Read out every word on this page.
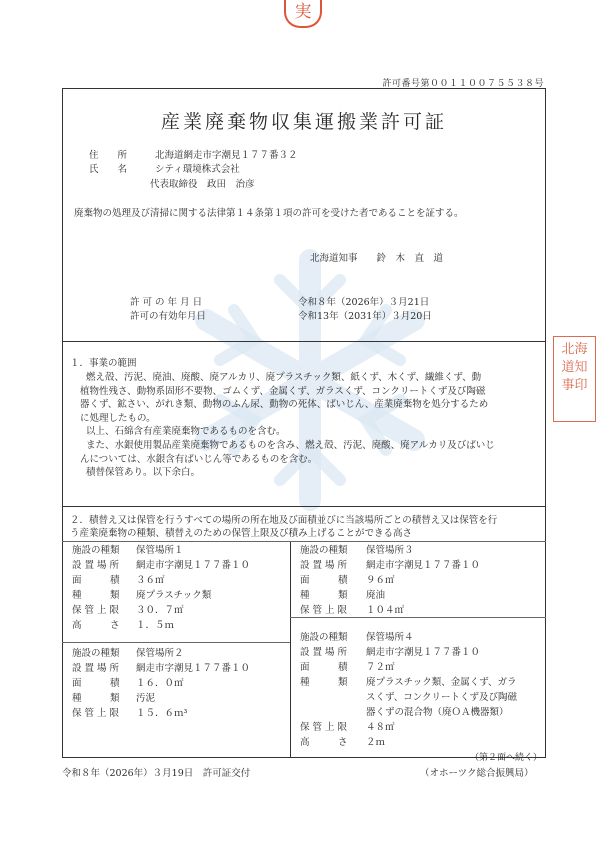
実
許可番号第００１１００７５５３８号
産業廃棄物収集運搬業許可証
住　　所	北海道網走市字潮見１７７番３２
氏　　名	シティ環境株式会社
代表取締役　政田　治彦
廃棄物の処理及び清掃に関する法律第１４条第１項の許可を受けた者であることを証する。
北海道知事　　鈴　木　直　道
許 可 の 年 月 日	令和８年（2026年）３月21日
許可の有効年月日	令和13年（2031年）３月20日
１．事業の範囲
燃え殻、汚泥、廃油、廃酸、廃アルカリ、廃プラスチック類、紙くず、木くず、繊維くず、動
植物性残さ、動物系固形不要物、ゴムくず、金属くず、ガラスくず、コンクリートくず及び陶磁
器くず、鉱さい、がれき類、動物のふん尿、動物の死体、ばいじん、産業廃棄物を処分するため
に処理したもの。
以上、石綿含有産業廃棄物であるものを含む。
また、水銀使用製品産業廃棄物であるものを含み、燃え殻、汚泥、廃酸、廃アルカリ及びばいじ
んについては、水銀含有ばいじん等であるものを含む。
積替保管あり。以下余白。
２．積替え又は保管を行うすべての場所の所在地及び面積並びに当該場所ごとの積替え又は保管を行
う産業廃棄物の種類、積替えのための保管上限及び積み上げることができる高さ
施設の種類 保管場所１
設 置 場 所 網走市字潮見１７７番１０
面　　　積 ３６㎡
種　　　類 廃プラスチック類
保 管 上 限 ３０．７㎡
高　　　さ １．５ｍ
施設の種類 保管場所２
設 置 場 所 網走市字潮見１７７番１０
面　　　積 １６．０㎡
種　　　類 汚泥
保 管 上 限 １５．６ｍ³
施設の種類 保管場所３
設 置 場 所 網走市字潮見１７７番１０
面　　　積 ９６㎡
種　　　類 廃油
保 管 上 限 １０４㎡
施設の種類 保管場所４
設 置 場 所 網走市字潮見１７７番１０
面　　　積 ７２㎡
種　　　類 廃プラスチック類、金属くず、ガラ
スくず、コンクリートくず及び陶磁
器くずの混合物（廃ＯＡ機器類）
保 管 上 限 ４８㎡
高　　　さ ２ｍ
（第２面へ続く）
令和８年（2026年）３月19日　許可証交付	（オホーツク総合振興局）
北海道知事印
